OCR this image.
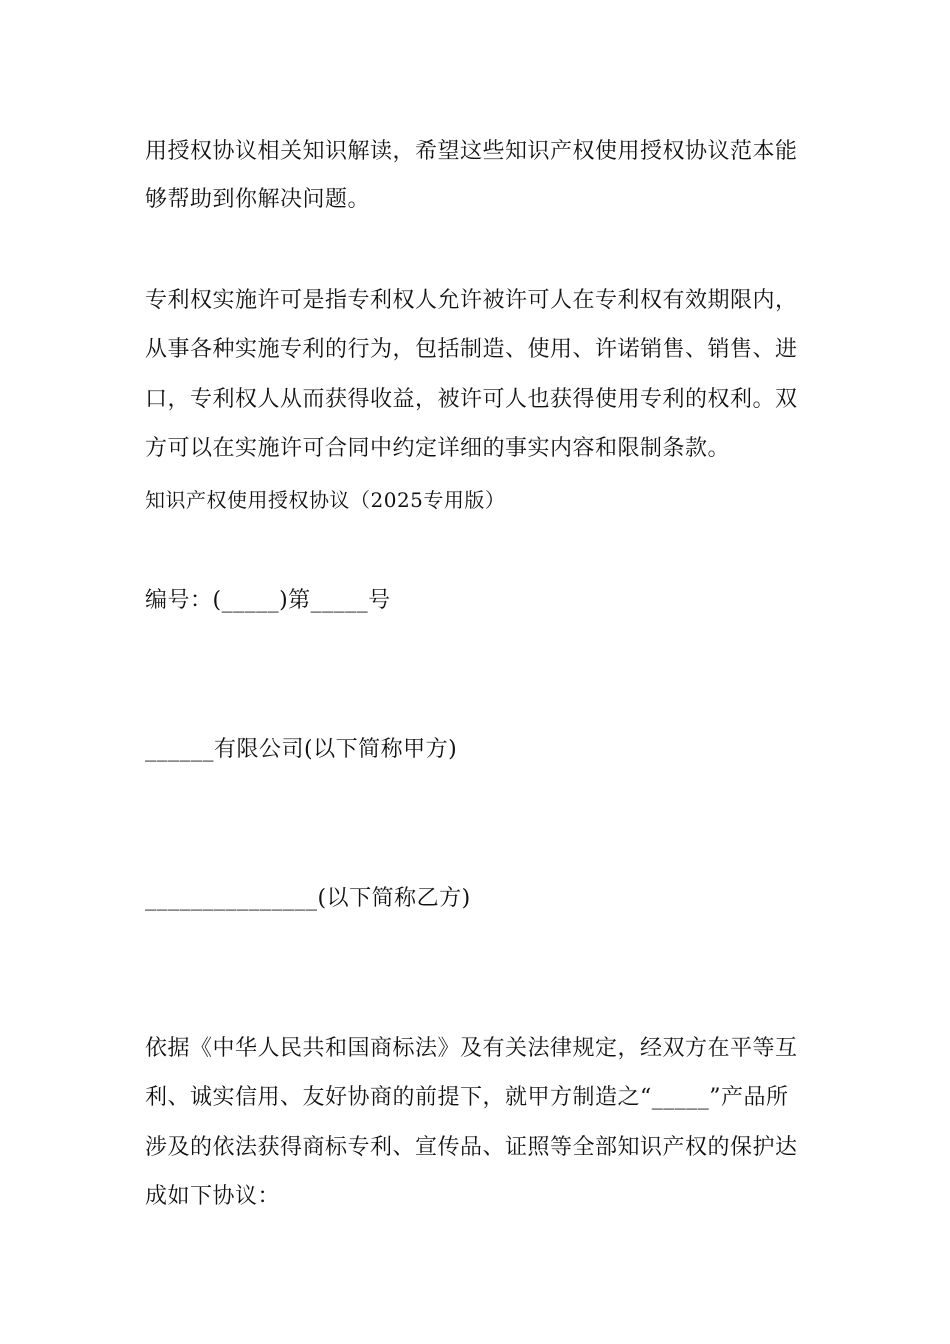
用授权协议相关知识解读，希望这些知识产权使用授权协议范本能
够帮助到你解决问题。
专利权实施许可是指专利权人允许被许可人在专利权有效期限内，
从事各种实施专利的行为，包括制造、使用、许诺销售、销售、进
口，专利权人从而获得收益，被许可人也获得使用专利的权利。双
方可以在实施许可合同中约定详细的事实内容和限制条款。
知识产权使用授权协议（2025专用版）
编号：(_____)第_____号
______有限公司(以下简称甲方)
_______________(以下简称乙方)
依据《中华人民共和国商标法》及有关法律规定，经双方在平等互
利、诚实信用、友好协商的前提下，就甲方制造之“_____”产品所
涉及的依法获得商标专利、宣传品、证照等全部知识产权的保护达
成如下协议：
